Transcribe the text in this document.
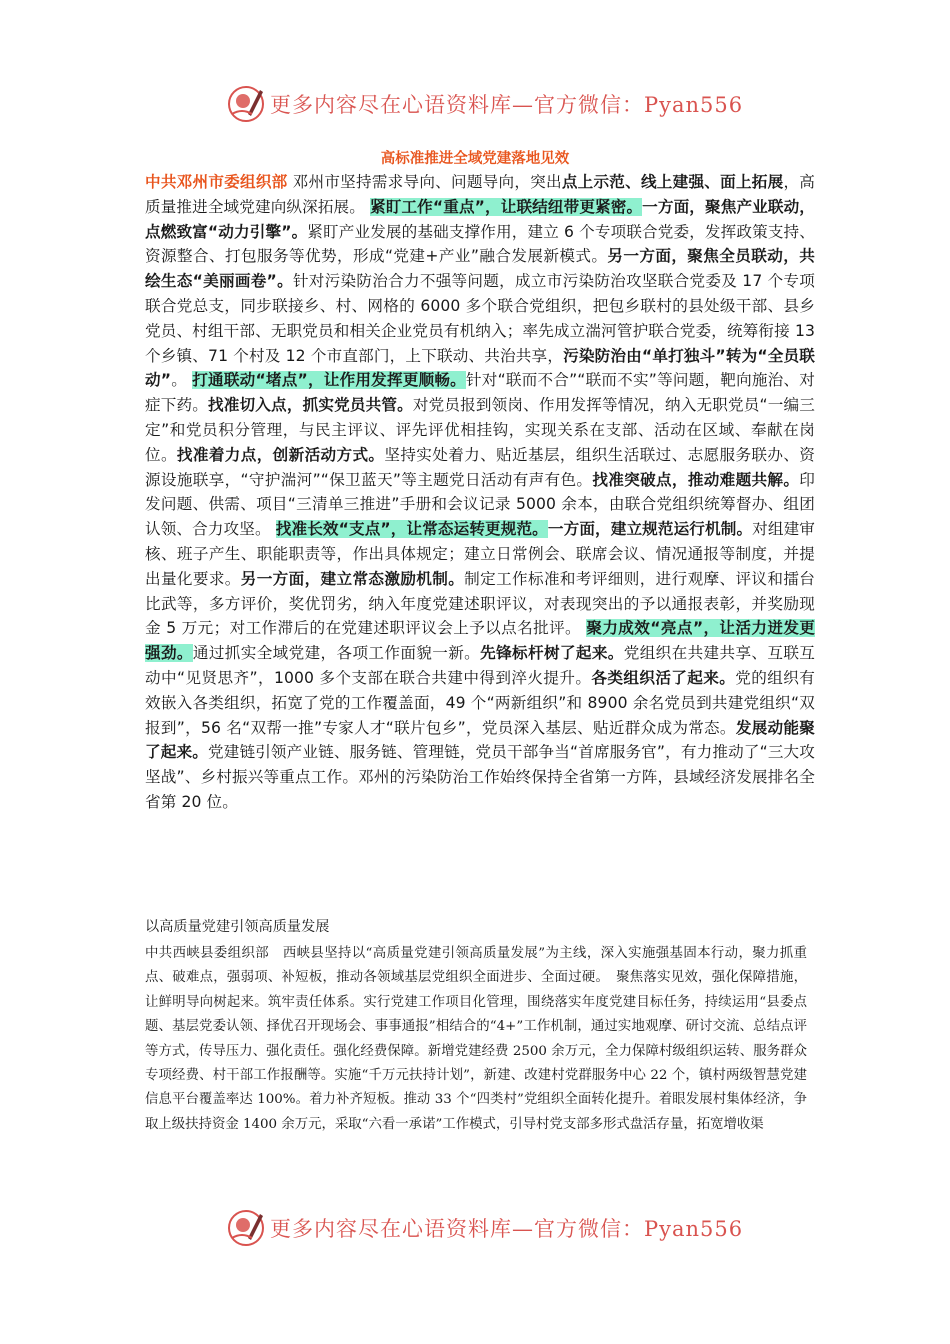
更多内容尽在心语资料库—官方微信：Pyan556
高标准推进全域党建落地见效
中共邓州市委组织部 邓州市坚持需求导向、问题导向，突出点上示范、线上建强、面上拓展，高质量推进全域党建向纵深拓展。 紧盯工作“重点”，让联结纽带更紧密。一方面，聚焦产业联动，点燃致富“动力引擎”。紧盯产业发展的基础支撑作用，建立 6 个专项联合党委，发挥政策支持、资源整合、打包服务等优势，形成“党建+产业”融合发展新模式。另一方面，聚焦全员联动，共绘生态“美丽画卷”。针对污染防治合力不强等问题，成立市污染防治攻坚联合党委及 17 个专项联合党总支，同步联接乡、村、网格的 6000 多个联合党组织，把包乡联村的县处级干部、县乡党员、村组干部、无职党员和相关企业党员有机纳入；率先成立湍河管护联合党委，统筹衔接 13 个乡镇、71 个村及 12 个市直部门，上下联动、共治共享，污染防治由“单打独斗”转为“全员联动”。 打通联动“堵点”，让作用发挥更顺畅。针对“联而不合”“联而不实”等问题，靶向施治、对症下药。找准切入点，抓实党员共管。对党员报到领岗、作用发挥等情况，纳入无职党员“一编三定”和党员积分管理，与民主评议、评先评优相挂钩，实现关系在支部、活动在区域、奉献在岗位。找准着力点，创新活动方式。坚持实处着力、贴近基层，组织生活联过、志愿服务联办、资源设施联享，“守护湍河”“保卫蓝天”等主题党日活动有声有色。找准突破点，推动难题共解。印发问题、供需、项目“三清单三推进”手册和会议记录 5000 余本，由联合党组织统筹督办、组团认领、合力攻坚。 找准长效“支点”，让常态运转更规范。一方面，建立规范运行机制。对组建审核、班子产生、职能职责等，作出具体规定；建立日常例会、联席会议、情况通报等制度，并提出量化要求。另一方面，建立常态激励机制。制定工作标准和考评细则，进行观摩、评议和擂台比武等，多方评价，奖优罚劣，纳入年度党建述职评议，对表现突出的予以通报表彰，并奖励现金 5 万元；对工作滞后的在党建述职评议会上予以点名批评。 聚力成效“亮点”，让活力迸发更强劲。通过抓实全域党建，各项工作面貌一新。先锋标杆树了起来。党组织在共建共享、互联互动中“见贤思齐”，1000 多个支部在联合共建中得到淬火提升。各类组织活了起来。党的组织有效嵌入各类组织，拓宽了党的工作覆盖面，49 个“两新组织”和 8900 余名党员到共建党组织“双报到”，56 名“双帮一推”专家人才“联片包乡”，党员深入基层、贴近群众成为常态。发展动能聚了起来。党建链引领产业链、服务链、管理链，党员干部争当“首席服务官”，有力推动了“三大攻坚战”、乡村振兴等重点工作。邓州的污染防治工作始终保持全省第一方阵，县域经济发展排名全省第 20 位。
以高质量党建引领高质量发展
中共西峡县委组织部　西峡县坚持以“高质量党建引领高质量发展”为主线，深入实施强基固本行动，聚力抓重点、破难点，强弱项、补短板，推动各领域基层党组织全面进步、全面过硬。　聚焦落实见效，强化保障措施，让鲜明导向树起来。筑牢责任体系。实行党建工作项目化管理，围绕落实年度党建目标任务，持续运用“县委点题、基层党委认领、择优召开现场会、事事通报”相结合的“4+”工作机制，通过实地观摩、研讨交流、总结点评等方式，传导压力、强化责任。强化经费保障。新增党建经费 2500 余万元，全力保障村级组织运转、服务群众专项经费、村干部工作报酬等。实施“千万元扶持计划”，新建、改建村党群服务中心 22 个，镇村两级智慧党建信息平台覆盖率达 100%。着力补齐短板。推动 33 个“四类村”党组织全面转化提升。着眼发展村集体经济，争取上级扶持资金 1400 余万元，采取“六看一承诺”工作模式，引导村党支部多形式盘活存量，拓宽增收渠
更多内容尽在心语资料库—官方微信：Pyan556
